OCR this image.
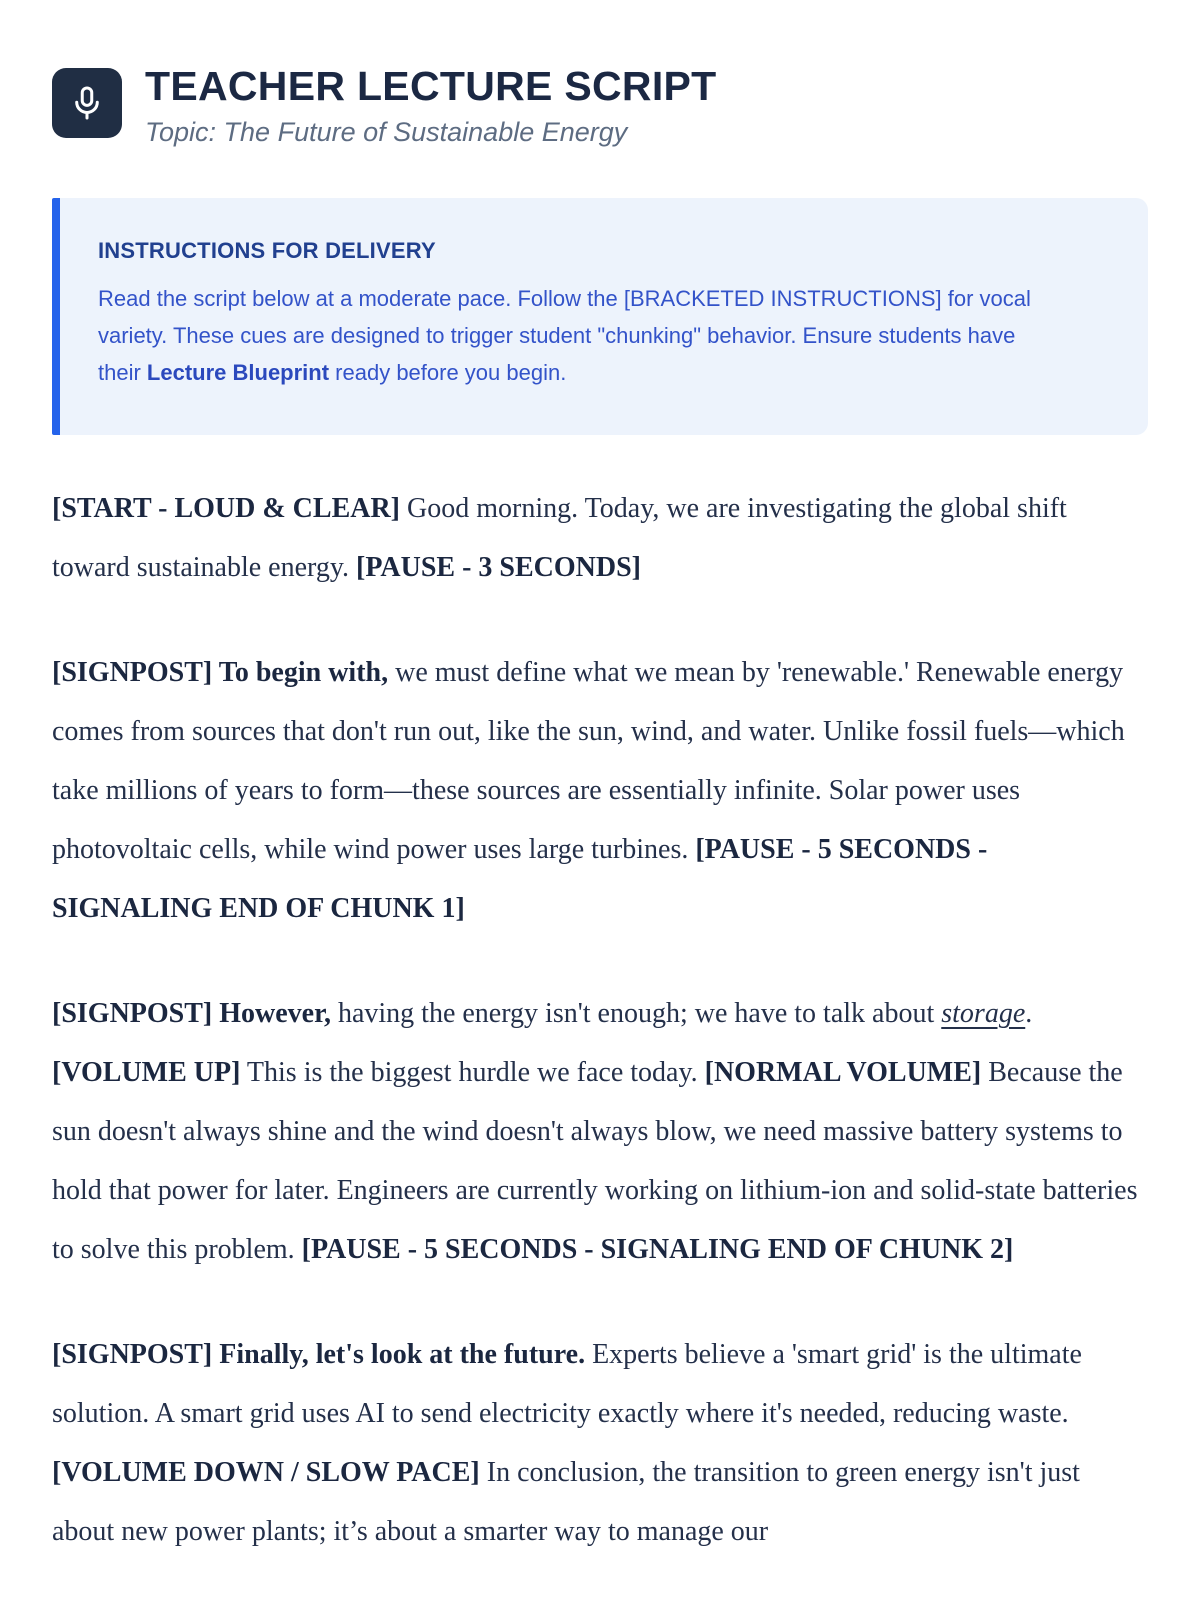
TEACHER LECTURE SCRIPT
Topic: The Future of Sustainable Energy
INSTRUCTIONS FOR DELIVERY

Read the script below at a moderate pace. Follow the [BRACKETED INSTRUCTIONS] for vocal variety. These cues are designed to trigger student "chunking" behavior. Ensure students have their Lecture Blueprint ready before you begin.

[START - LOUD & CLEAR] Good morning. Today, we are investigating the global shift toward sustainable energy. [PAUSE - 3 SECONDS]

[SIGNPOST] To begin with, we must define what we mean by 'renewable.' Renewable energy comes from sources that don't run out, like the sun, wind, and water. Unlike fossil fuels—which take millions of years to form—these sources are essentially infinite. Solar power uses photovoltaic cells, while wind power uses large turbines. [PAUSE - 5 SECONDS - SIGNALING END OF CHUNK 1]

[SIGNPOST] However, having the energy isn't enough; we have to talk about storage. [VOLUME UP] This is the biggest hurdle we face today. [NORMAL VOLUME] Because the sun doesn't always shine and the wind doesn't always blow, we need massive battery systems to hold that power for later. Engineers are currently working on lithium-ion and solid-state batteries to solve this problem. [PAUSE - 5 SECONDS - SIGNALING END OF CHUNK 2]

[SIGNPOST] Finally, let's look at the future. Experts believe a 'smart grid' is the ultimate solution. A smart grid uses AI to send electricity exactly where it's needed, reducing waste. [VOLUME DOWN / SLOW PACE] In conclusion, the transition to green energy isn't just about new power plants; it’s about a smarter way to manage our
